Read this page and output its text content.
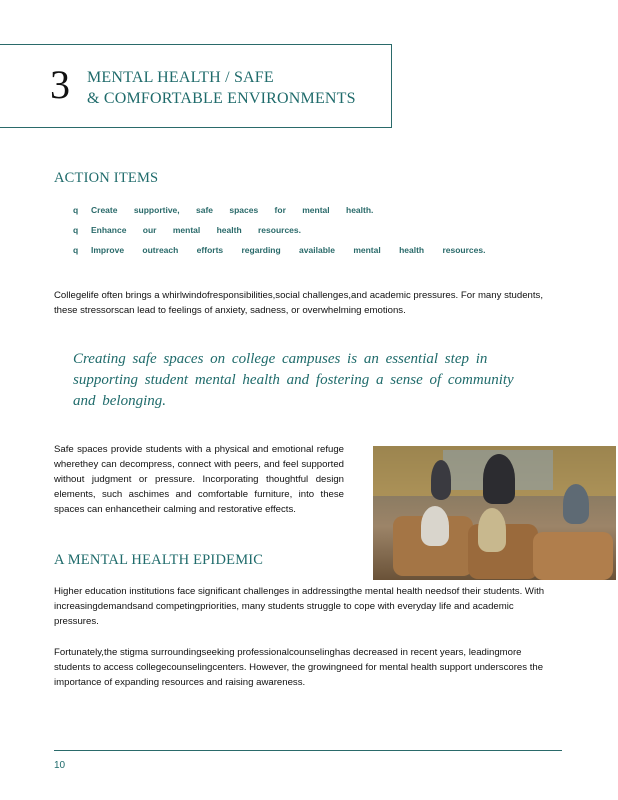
3 MENTAL HEALTH / SAFE
& COMFORTABLE ENVIRONMENTS
ACTION ITEMS
q	Create supportive, safe spaces for mental health.
q	Enhance our mental health resources.
q	Improve outreach efforts regarding available mental health resources.

Collegelife often brings a whirlwindofresponsibilities,social challenges,and academic pressures. For many students, these stressorscan lead to feelings of anxiety, sadness, or overwhelming emotions.

Creating safe spaces on college campuses is an essential step in supporting student mental health and fostering a sense of community and belonging.

Safe spaces provide students with a physical and emotional refuge wherethey can decompress, connect with peers, and feel supported without judgment or pressure. Incorporating thoughtful design elements, such aschimes and comfortable furniture, into these spaces can enhancetheir calming and restorative effects.

A MENTAL HEALTH EPIDEMIC

Higher education institutions face significant challenges in addressingthe mental health needsof their students. With increasingdemandsand competingpriorities, many students struggle to cope with everyday life and academic pressures.

Fortunately,the stigma surroundingseeking professionalcounselinghas decreased in recent years, leadingmore students to access collegecounselingcenters. However, the growingneed for mental health support underscores the importance of expanding resources and raising awareness.

10
